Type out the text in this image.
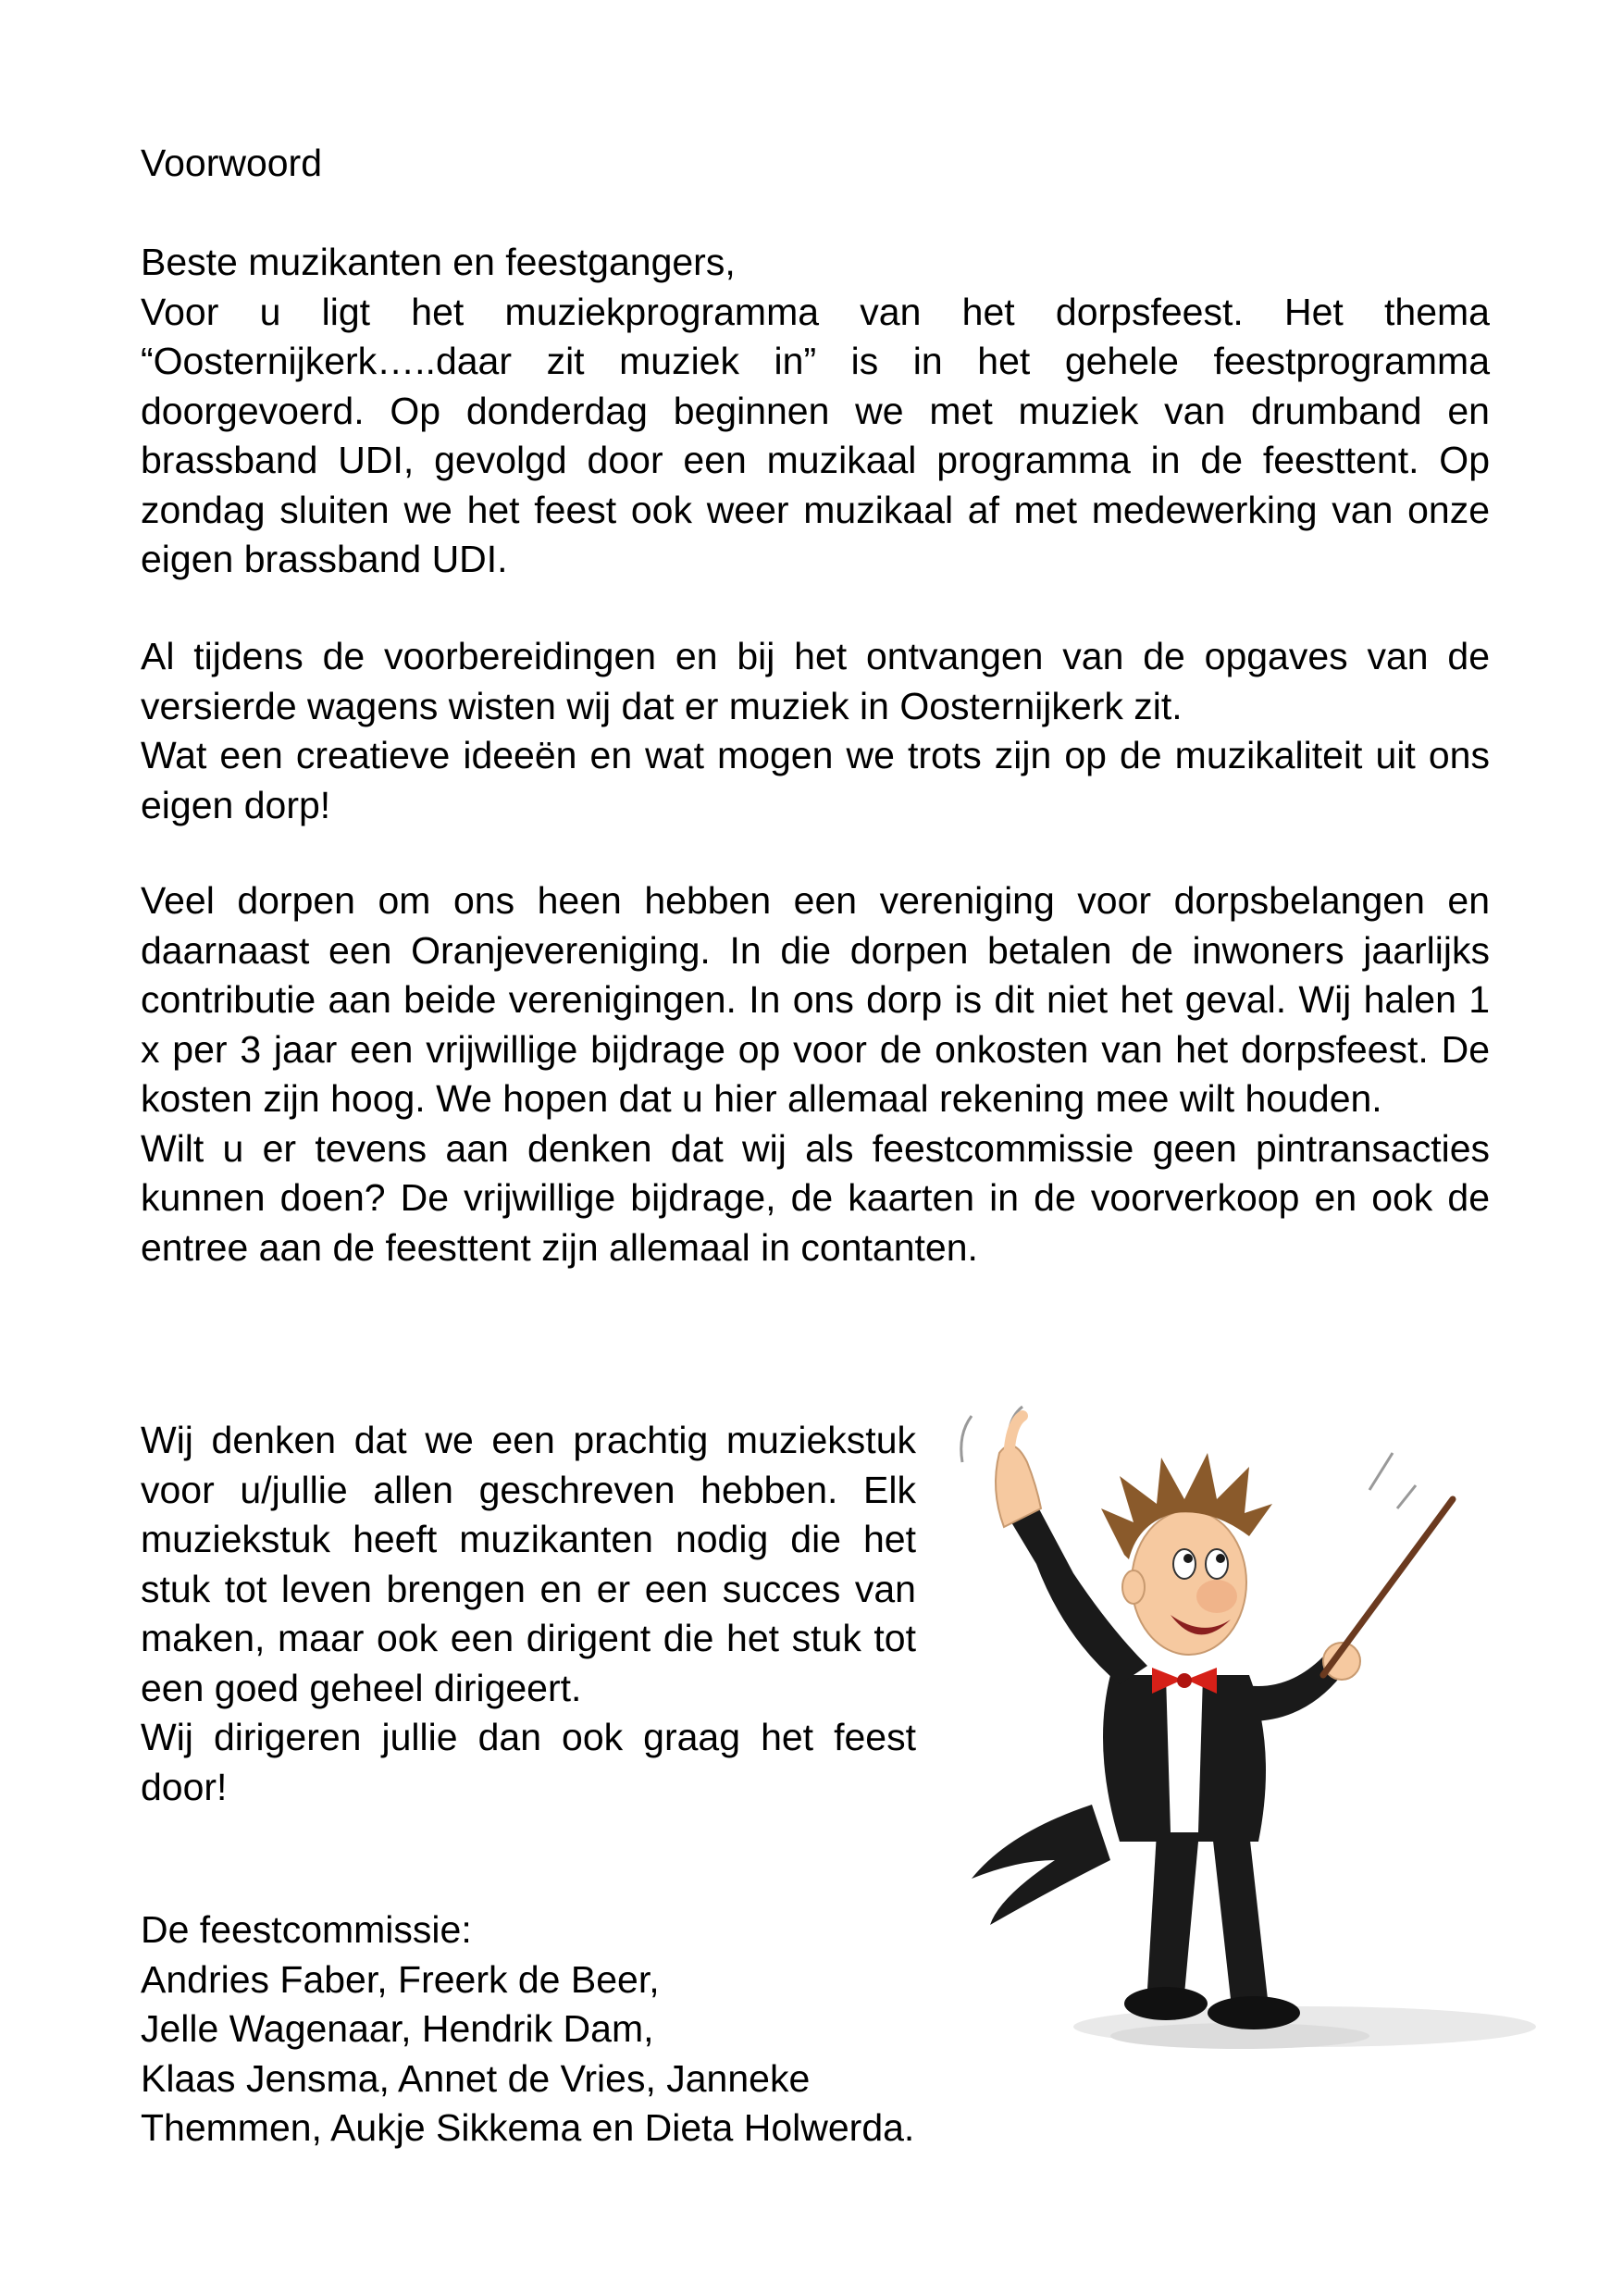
Voorwoord

Beste muzikanten en feestgangers,

Voor u ligt het muziekprogramma van het dorpsfeest. Het thema “Oosternijkerk…..daar zit muziek in” is in het gehele feestprogramma doorgevoerd. Op donderdag beginnen we met muziek van drumband en brassband UDI, gevolgd door een muzikaal programma in de feesttent. Op zondag sluiten we het feest ook weer muzikaal af met medewerking van onze eigen brassband UDI.

Al tijdens de voorbereidingen en bij het ontvangen van de opgaves van de versierde wagens wisten wij dat er muziek in Oosternijkerk zit.

Wat een creatieve ideeën en wat mogen we trots zijn op de muzikaliteit uit ons eigen dorp!

Veel dorpen om ons heen hebben een vereniging voor dorpsbelangen en daarnaast een Oranjevereniging. In die dorpen betalen de inwoners jaarlijks contributie aan beide verenigingen. In ons dorp is dit niet het geval. Wij halen 1 x per 3 jaar een vrijwillige bijdrage op voor de onkosten van het dorpsfeest. De kosten zijn hoog. We hopen dat u hier allemaal rekening mee wilt houden.

Wilt u er tevens aan denken dat wij als feestcommissie geen pintransacties kunnen doen? De vrijwillige bijdrage, de kaarten in de voorverkoop en ook de entree aan de feesttent zijn allemaal in contanten.

Wij denken dat we een prachtig muziekstuk voor u/jullie allen geschreven hebben. Elk muziekstuk heeft muzikanten nodig die het stuk tot leven brengen en er een succes van maken, maar ook een dirigent die het stuk tot een goed geheel dirigeert.

Wij dirigeren jullie dan ook graag het feest door!

De feestcommissie:
Andries Faber, Freerk de Beer,
Jelle Wagenaar, Hendrik Dam,
Klaas Jensma, Annet de Vries, Janneke
Themmen, Aukje Sikkema en Dieta Holwerda.
